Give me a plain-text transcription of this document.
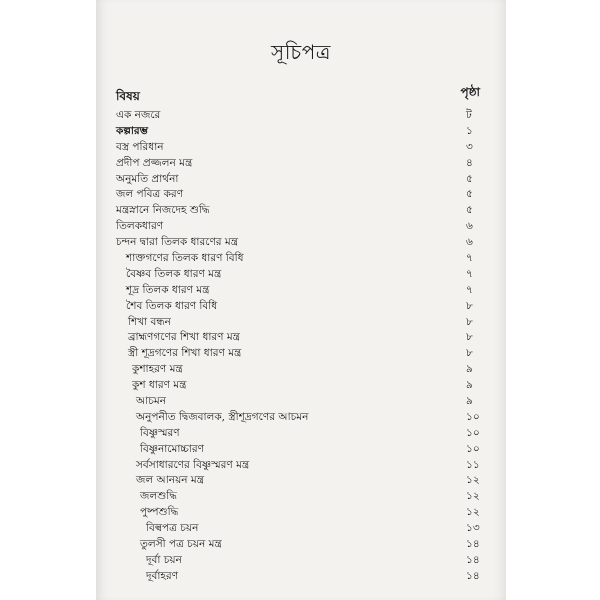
সূচিপত্র
বিষয়	পৃষ্ঠা
এক নজরে	ট
কল্পারম্ভ	১
বস্ত্র পরিধান	৩
প্রদীপ প্রজ্জলন মন্ত্র	৪
অনুমতি প্রার্থনা	৫
জল পবিত্র করণ	৫
মন্ত্রস্নানে নিজদেহ শুদ্ধি	৫
তিলকধারণ	৬
চন্দন দ্বারা তিলক ধারণের মন্ত্র	৬
শাক্তগণের তিলক ধারণ বিধি	৭
বৈষ্ণব তিলক ধারণ মন্ত্র	৭
শূদ্র তিলক ধারণ মন্ত্র	৭
শৈব তিলক ধারণ বিধি	৮
শিখা বন্ধন	৮
ব্রাহ্মণগণের শিখা ধারণ মন্ত্র	৮
স্ত্রী শূদ্রগণের শিখা ধারণ মন্ত্র	৮
কুশাহরণ মন্ত্র	৯
কুশ ধারণ মন্ত্র	৯
আচমন	৯
অনুপনীত দ্বিজবালক, স্ত্রীশূদ্রগণের আচমন	১০
বিষ্ণুস্মরণ	১০
বিষ্ণুনামোচ্চারণ	১০
সর্বসাধারণের বিষ্ণুস্মরণ মন্ত্র	১১
জল আনয়ন মন্ত্র	১২
জলশুদ্ধি	১২
পুষ্পশুদ্ধি	১২
বিল্বপত্র চয়ন	১৩
তুলসী পত্র চয়ন মন্ত্র	১৪
দূর্বা চয়ন	১৪
দূর্বাহরণ	১৪
